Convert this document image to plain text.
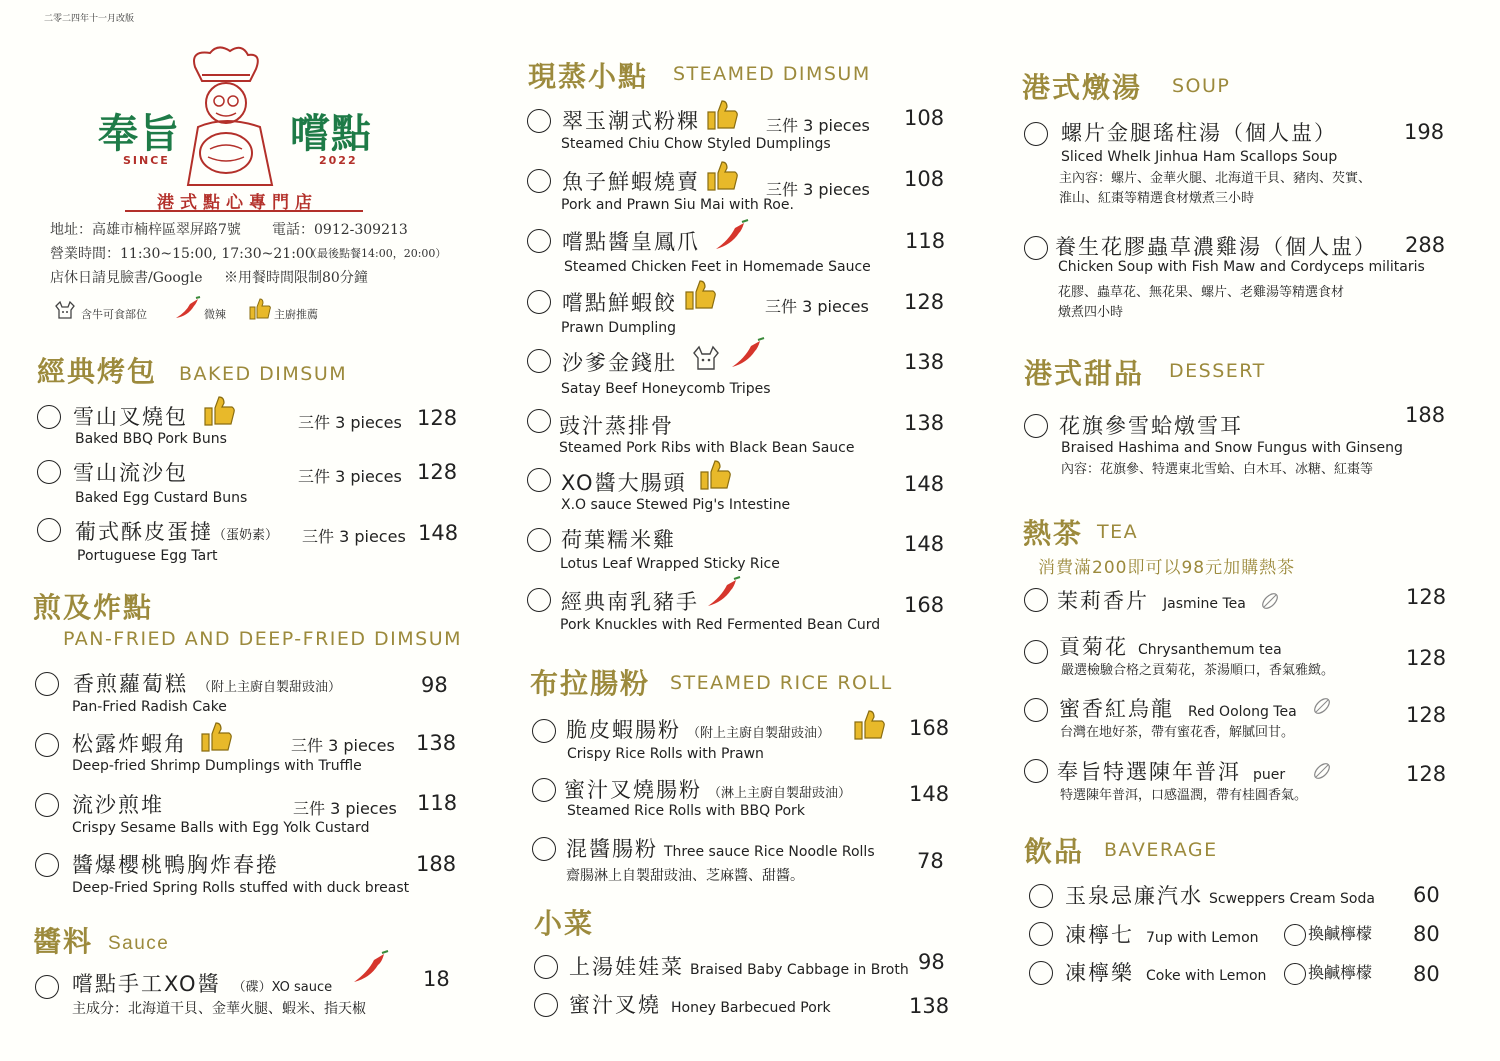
二零二四年十一月改版
奉旨	嚐點
SINCE	2022
港式點心專門店
地址：高雄市楠梓區翠屏路7號 電話：0912-309213
營業時間：11:30~15:00, 17:30~21:00
（最後點餐14:00，20:00）
店休日請見臉書/Google ※用餐時間限制80分鐘
含牛可食部位	微辣	主廚推薦
經典烤包 BAKED DIMSUM
雪山叉燒包	三件 3 pieces 128
Baked BBQ Pork Buns
雪山流沙包	三件 3 pieces 128
Baked Egg Custard Buns
葡式酥皮蛋撻（蛋奶素） 三件 3 pieces 148
Portuguese Egg Tart
煎及炸點
PAN-FRIED AND DEEP-FRIED DIMSUM
香煎蘿蔔糕 （附上主廚自製甜豉油）	98
Pan-Fried Radish Cake
松露炸蝦角	三件 3 pieces 138
Deep-fried Shrimp Dumplings with Truffle
流沙煎堆	三件 3 pieces 118
Crispy Sesame Balls with Egg Yolk Custard
醬爆櫻桃鴨胸炸春捲	188
Deep-Fried Spring Rolls stuffed with duck breast
醬料 Sauce
嚐點手工XO醬 （碟）XO sauce	18
主成分：北海道干貝、金華火腿、蝦米、指天椒
現蒸小點 STEAMED DIMSUM
翠玉潮式粉粿	三件 3 pieces 108
Steamed Chiu Chow Styled Dumplings
魚子鮮蝦燒賣	三件 3 pieces 108
Pork and Prawn Siu Mai with Roe.
嚐點醬皇鳳爪	118
Steamed Chicken Feet in Homemade Sauce
嚐點鮮蝦餃	三件 3 pieces 128
Prawn Dumpling
沙爹金錢肚	138
Satay Beef Honeycomb Tripes
豉汁蒸排骨	138
Steamed Pork Ribs with Black Bean Sauce
XO醬大腸頭	148
X.O sauce Stewed Pig's Intestine
荷葉糯米雞	148
Lotus Leaf Wrapped Sticky Rice
經典南乳豬手	168
Pork Knuckles with Red Fermented Bean Curd
布拉腸粉 STEAMED RICE ROLL
脆皮蝦腸粉 （附上主廚自製甜豉油）	168
Crispy Rice Rolls with Prawn
蜜汁叉燒腸粉 （淋上主廚自製甜豉油）	148
Steamed Rice Rolls with BBQ Pork
混醬腸粉 Three sauce Rice Noodle Rolls 78
齋腸淋上自製甜豉油、芝麻醬、甜醬。
小菜
上湯娃娃菜 Braised Baby Cabbage in Broth 98
蜜汁叉燒 Honey Barbecued Pork	138
港式燉湯 SOUP
螺片金腿瑤柱湯（個人盅）	198
Sliced Whelk Jinhua Ham Scallops Soup
主內容：螺片、金華火腿、北海道干貝、豬肉、芡實、
淮山、紅棗等精選食材燉煮三小時
養生花膠蟲草濃雞湯（個人盅） 288
Chicken Soup with Fish Maw and Cordyceps militaris
花膠、蟲草花、無花果、螺片、老雞湯等精選食材
燉煮四小時
港式甜品 DESSERT
花旗參雪蛤燉雪耳	188
Braised Hashima and Snow Fungus with Ginseng
內容：花旗參、特選東北雪蛤、白木耳、冰糖、紅棗等
熱茶 TEA
消費滿200即可以98元加購熱茶
茉莉香片 Jasmine Tea	128
貢菊花 Chrysanthemum tea	128
嚴選檢驗合格之貢菊花，茶湯順口，香氣雅緻。
蜜香紅烏龍 Red Oolong Tea	128
台灣在地好茶，帶有蜜花香，解膩回甘。
奉旨特選陳年普洱 puer	128
特選陳年普洱，口感溫潤，帶有桂圓香氣。
飲品 BAVERAGE
玉泉忌廉汽水 Scweppers Cream Soda 60
凍檸七 7up with Lemon	換鹹檸檬 80
凍檸樂 Coke with Lemon	換鹹檸檬 80
